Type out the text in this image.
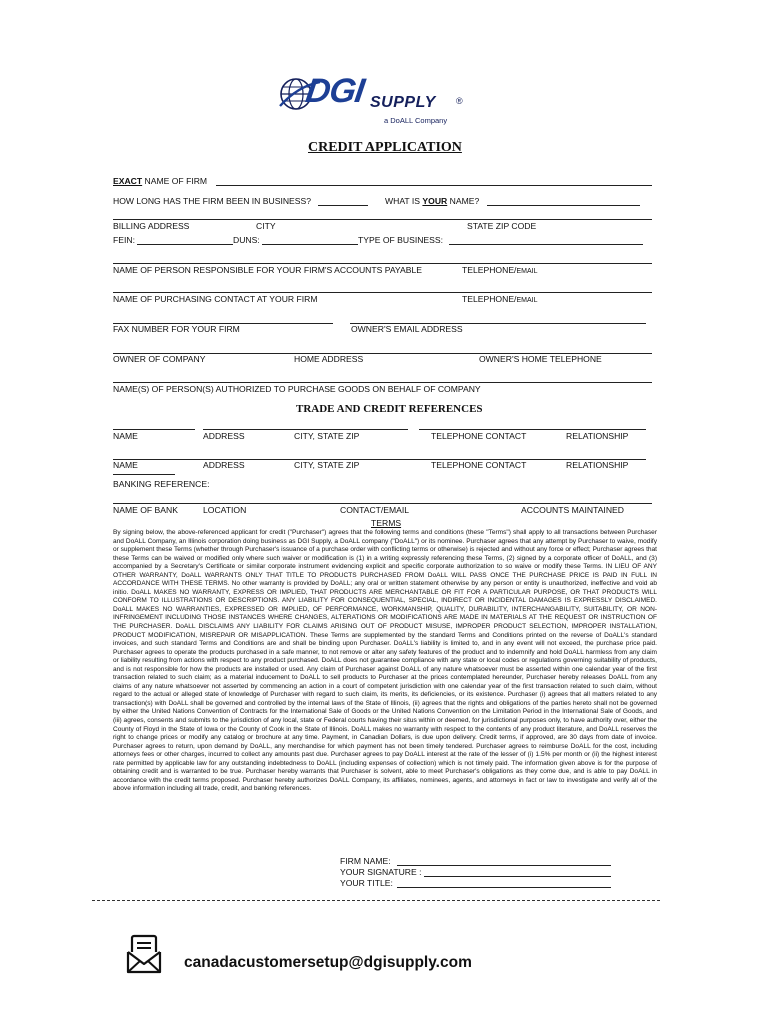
DGI SUPPLY ®
a DoALL Company
CREDIT APPLICATION
EXACT NAME OF FIRM
HOW LONG HAS THE FIRM BEEN IN BUSINESS?	WHAT IS YOUR NAME?
BILLING ADDRESS	CITY	STATE ZIP CODE
FEIN:	DUNS:	TYPE OF BUSINESS:
NAME OF PERSON RESPONSIBLE FOR YOUR FIRM'S ACCOUNTS PAYABLE	TELEPHONE/EMAIL
NAME OF PURCHASING CONTACT AT YOUR FIRM	TELEPHONE/EMAIL
FAX NUMBER FOR YOUR FIRM	OWNER'S EMAIL ADDRESS
OWNER OF COMPANY	HOME ADDRESS	OWNER'S HOME TELEPHONE
NAME(S) OF PERSON(S) AUTHORIZED TO PURCHASE GOODS ON BEHALF OF COMPANY
TRADE AND CREDIT REFERENCES
NAME	ADDRESS	CITY, STATE ZIP	TELEPHONE CONTACT	RELATIONSHIP
NAME	ADDRESS	CITY, STATE ZIP	TELEPHONE CONTACT	RELATIONSHIP
BANKING REFERENCE:
NAME OF BANK	LOCATION	CONTACT/EMAIL	ACCOUNTS MAINTAINED
TERMS
By signing below, the above-referenced applicant for credit ("Purchaser") agrees that the following terms and conditions (these "Terms") shall apply to all transactions between Purchaser and DoALL Company, an Illinois corporation doing business as DGI Supply, a DoALL company ("DoALL") or its nominee. Purchaser agrees that any attempt by Purchaser to waive, modify or supplement these Terms (whether through Purchaser's issuance of a purchase order with conflicting terms or otherwise) is rejected and without any force or effect; Purchaser agrees that these Terms can be waived or modified only where such waiver or modification is (1) in a writing expressly referencing these Terms, (2) signed by a corporate officer of DoALL, and (3) accompanied by a Secretary's Certificate or similar corporate instrument evidencing explicit and specific corporate authorization to so waive or modify these Terms. IN LIEU OF ANY OTHER WARRANTY, DoALL WARRANTS ONLY THAT TITLE TO PRODUCTS PURCHASED FROM DoALL WILL PASS ONCE THE PURCHASE PRICE IS PAID IN FULL IN ACCORDANCE WITH THESE TERMS. No other warranty is provided by DoALL; any oral or written statement otherwise by any person or entity is unauthorized, ineffective and void ab initio. DoALL MAKES NO WARRANTY, EXPRESS OR IMPLIED, THAT PRODUCTS ARE MERCHANTABLE OR FIT FOR A PARTICULAR PURPOSE, OR THAT PRODUCTS WILL CONFORM TO ILLUSTRATIONS OR DESCRIPTIONS. ANY LIABILITY FOR CONSEQUENTIAL, SPECIAL, INDIRECT OR INCIDENTAL DAMAGES IS EXPRESSLY DISCLAIMED. DoALL MAKES NO WARRANTIES, EXPRESSED OR IMPLIED, OF PERFORMANCE, WORKMANSHIP, QUALITY, DURABILITY, INTERCHANGABILITY, SUITABILITY, OR NON-INFRINGEMENT INCLUDING THOSE INSTANCES WHERE CHANGES, ALTERATIONS OR MODIFICATIONS ARE MADE IN MATERIALS AT THE REQUEST OR INSTRUCTION OF THE PURCHASER. DoALL DISCLAIMS ANY LIABILITY FOR CLAIMS ARISING OUT OF PRODUCT MISUSE, IMPROPER PRODUCT SELECTION, IMPROPER INSTALLATION, PRODUCT MODIFICATION, MISREPAIR OR MISAPPLICATION. These Terms are supplemented by the standard Terms and Conditions printed on the reverse of DoALL's standard invoices, and such standard Terms and Conditions are and shall be binding upon Purchaser. DoALL's liability is limited to, and in any event will not exceed, the purchase price paid. Purchaser agrees to operate the products purchased in a safe manner, to not remove or alter any safety features of the product and to indemnify and hold DoALL harmless from any claim or liability resulting from actions with respect to any product purchased. DoALL does not guarantee compliance with any state or local codes or regulations governing suitability of products, and is not responsible for how the products are installed or used. Any claim of Purchaser against DoALL of any nature whatsoever must be asserted within one calendar year of the first transaction related to such claim; as a material inducement to DoALL to sell products to Purchaser at the prices contemplated hereunder, Purchaser hereby releases DoALL from any claims of any nature whatsoever not asserted by commencing an action in a court of competent jurisdiction with one calendar year of the first transaction related to such claim, without regard to the actual or alleged state of knowledge of Purchaser with regard to such claim, its merits, its deficiencies, or its existence. Purchaser (i) agrees that all matters related to any transaction(s) with DoALL shall be governed and controlled by the internal laws of the State of Illinois, (ii) agrees that the rights and obligations of the parties hereto shall not be governed by either the United Nations Convention of Contracts for the International Sale of Goods or the United Nations Convention on the Limitation Period in the International Sale of Goods, and (iii) agrees, consents and submits to the jurisdiction of any local, state or Federal courts having their situs within or deemed, for jurisdictional purposes only, to have authority over, either the County of Floyd in the State of Iowa or the County of Cook in the State of Illinois. DoALL makes no warranty with respect to the contents of any product literature, and DoALL reserves the right to change prices or modify any catalog or brochure at any time. Payment, in Canadian Dollars, is due upon delivery. Credit terms, if approved, are 30 days from date of invoice. Purchaser agrees to return, upon demand by DoALL, any merchandise for which payment has not been timely tendered. Purchaser agrees to reimburse DoALL for the cost, including attorneys fees or other charges, incurred to collect any amounts past due. Purchaser agrees to pay DoALL interest at the rate of the lesser of (i) 1.5% per month or (ii) the highest interest rate permitted by applicable law for any outstanding indebtedness to DoALL (including expenses of collection) which is not timely paid. The information given above is for the purpose of obtaining credit and is warranted to be true. Purchaser hereby warrants that Purchaser is solvent, able to meet Purchaser's obligations as they come due, and is able to pay DoALL in accordance with the credit terms proposed. Purchaser hereby authorizes DoALL Company, its affiliates, nominees, agents, and attorneys in fact or law to investigate and verify all of the above information including all trade, credit, and banking references.
FIRM NAME:
YOUR SIGNATURE :
YOUR TITLE:
canadacustomersetup@dgisupply.com
